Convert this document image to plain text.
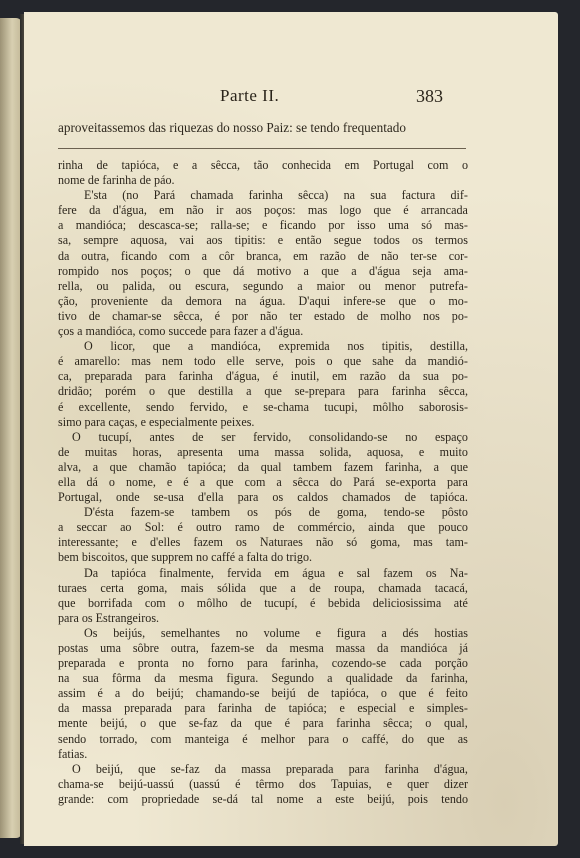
Parte II.	383
aproveitassemos das riquezas do nosso Paiz: se tendo frequentado
rinha de tapióca, e a sêcca, tão conhecida em Portugal com o
nome de farinha de páo.
E'sta (no Pará chamada farinha sêcca) na sua factura dif-
fere da d'água, em não ir aos poços: mas logo que é arrancada
a mandióca; descasca-se; ralla-se; e ficando por isso uma só mas-
sa, sempre aquosa, vai aos tipitis: e então segue todos os termos
da outra, ficando com a côr branca, em razão de não ter-se cor-
rompido nos poços; o que dá motivo a que a d'água seja ama-
rella, ou palida, ou escura, segundo a maior ou menor putrefa-
ção, proveniente da demora na água. D'aqui infere-se que o mo-
tivo de chamar-se sêcca, é por não ter estado de molho nos po-
ços a mandióca, como succede para fazer a d'água.
O licor, que a mandióca, expremida nos tipitis, destilla,
é amarello: mas nem todo elle serve, pois o que sahe da mandió-
ca, preparada para farinha d'água, é inutil, em razão da sua po-
dridão; porém o que destilla a que se-prepara para farinha sêcca,
é excellente, sendo fervido, e se-chama tucupi, môlho saborosis-
simo para caças, e especialmente peixes.
O tucupí, antes de ser fervido, consolidando-se no espaço
de muitas horas, apresenta uma massa solida, aquosa, e muito
alva, a que chamão tapióca; da qual tambem fazem farinha, a que
ella dá o nome, e é a que com a sêcca do Pará se-exporta para
Portugal, onde se-usa d'ella para os caldos chamados de tapióca.
D'ésta fazem-se tambem os pós de goma, tendo-se pôsto
a seccar ao Sol: é outro ramo de commércio, ainda que pouco
interessante; e d'elles fazem os Naturaes não só goma, mas tam-
bem biscoitos, que supprem no caffé a falta do trigo.
Da tapióca finalmente, fervida em água e sal fazem os Na-
turaes certa goma, mais sólida que a de roupa, chamada tacacá,
que borrifada com o môlho de tucupí, é bebida deliciosissima até
para os Estrangeiros.
Os beijús, semelhantes no volume e figura a dés hostias
postas uma sôbre outra, fazem-se da mesma massa da mandióca já
preparada e pronta no forno para farinha, cozendo-se cada porção
na sua fôrma da mesma figura. Segundo a qualidade da farinha,
assim é a do beijú; chamando-se beijú de tapióca, o que é feito
da massa preparada para farinha de tapióca; e especial e simples-
mente beijú, o que se-faz da que é para farinha sêcca; o qual,
sendo torrado, com manteiga é melhor para o caffé, do que as
fatias.
O beijú, que se-faz da massa preparada para farinha d'água,
chama-se beijú-uassú (uassú é têrmo dos Tapuias, e quer dizer
grande: com propriedade se-dá tal nome a este beijú, pois tendo
